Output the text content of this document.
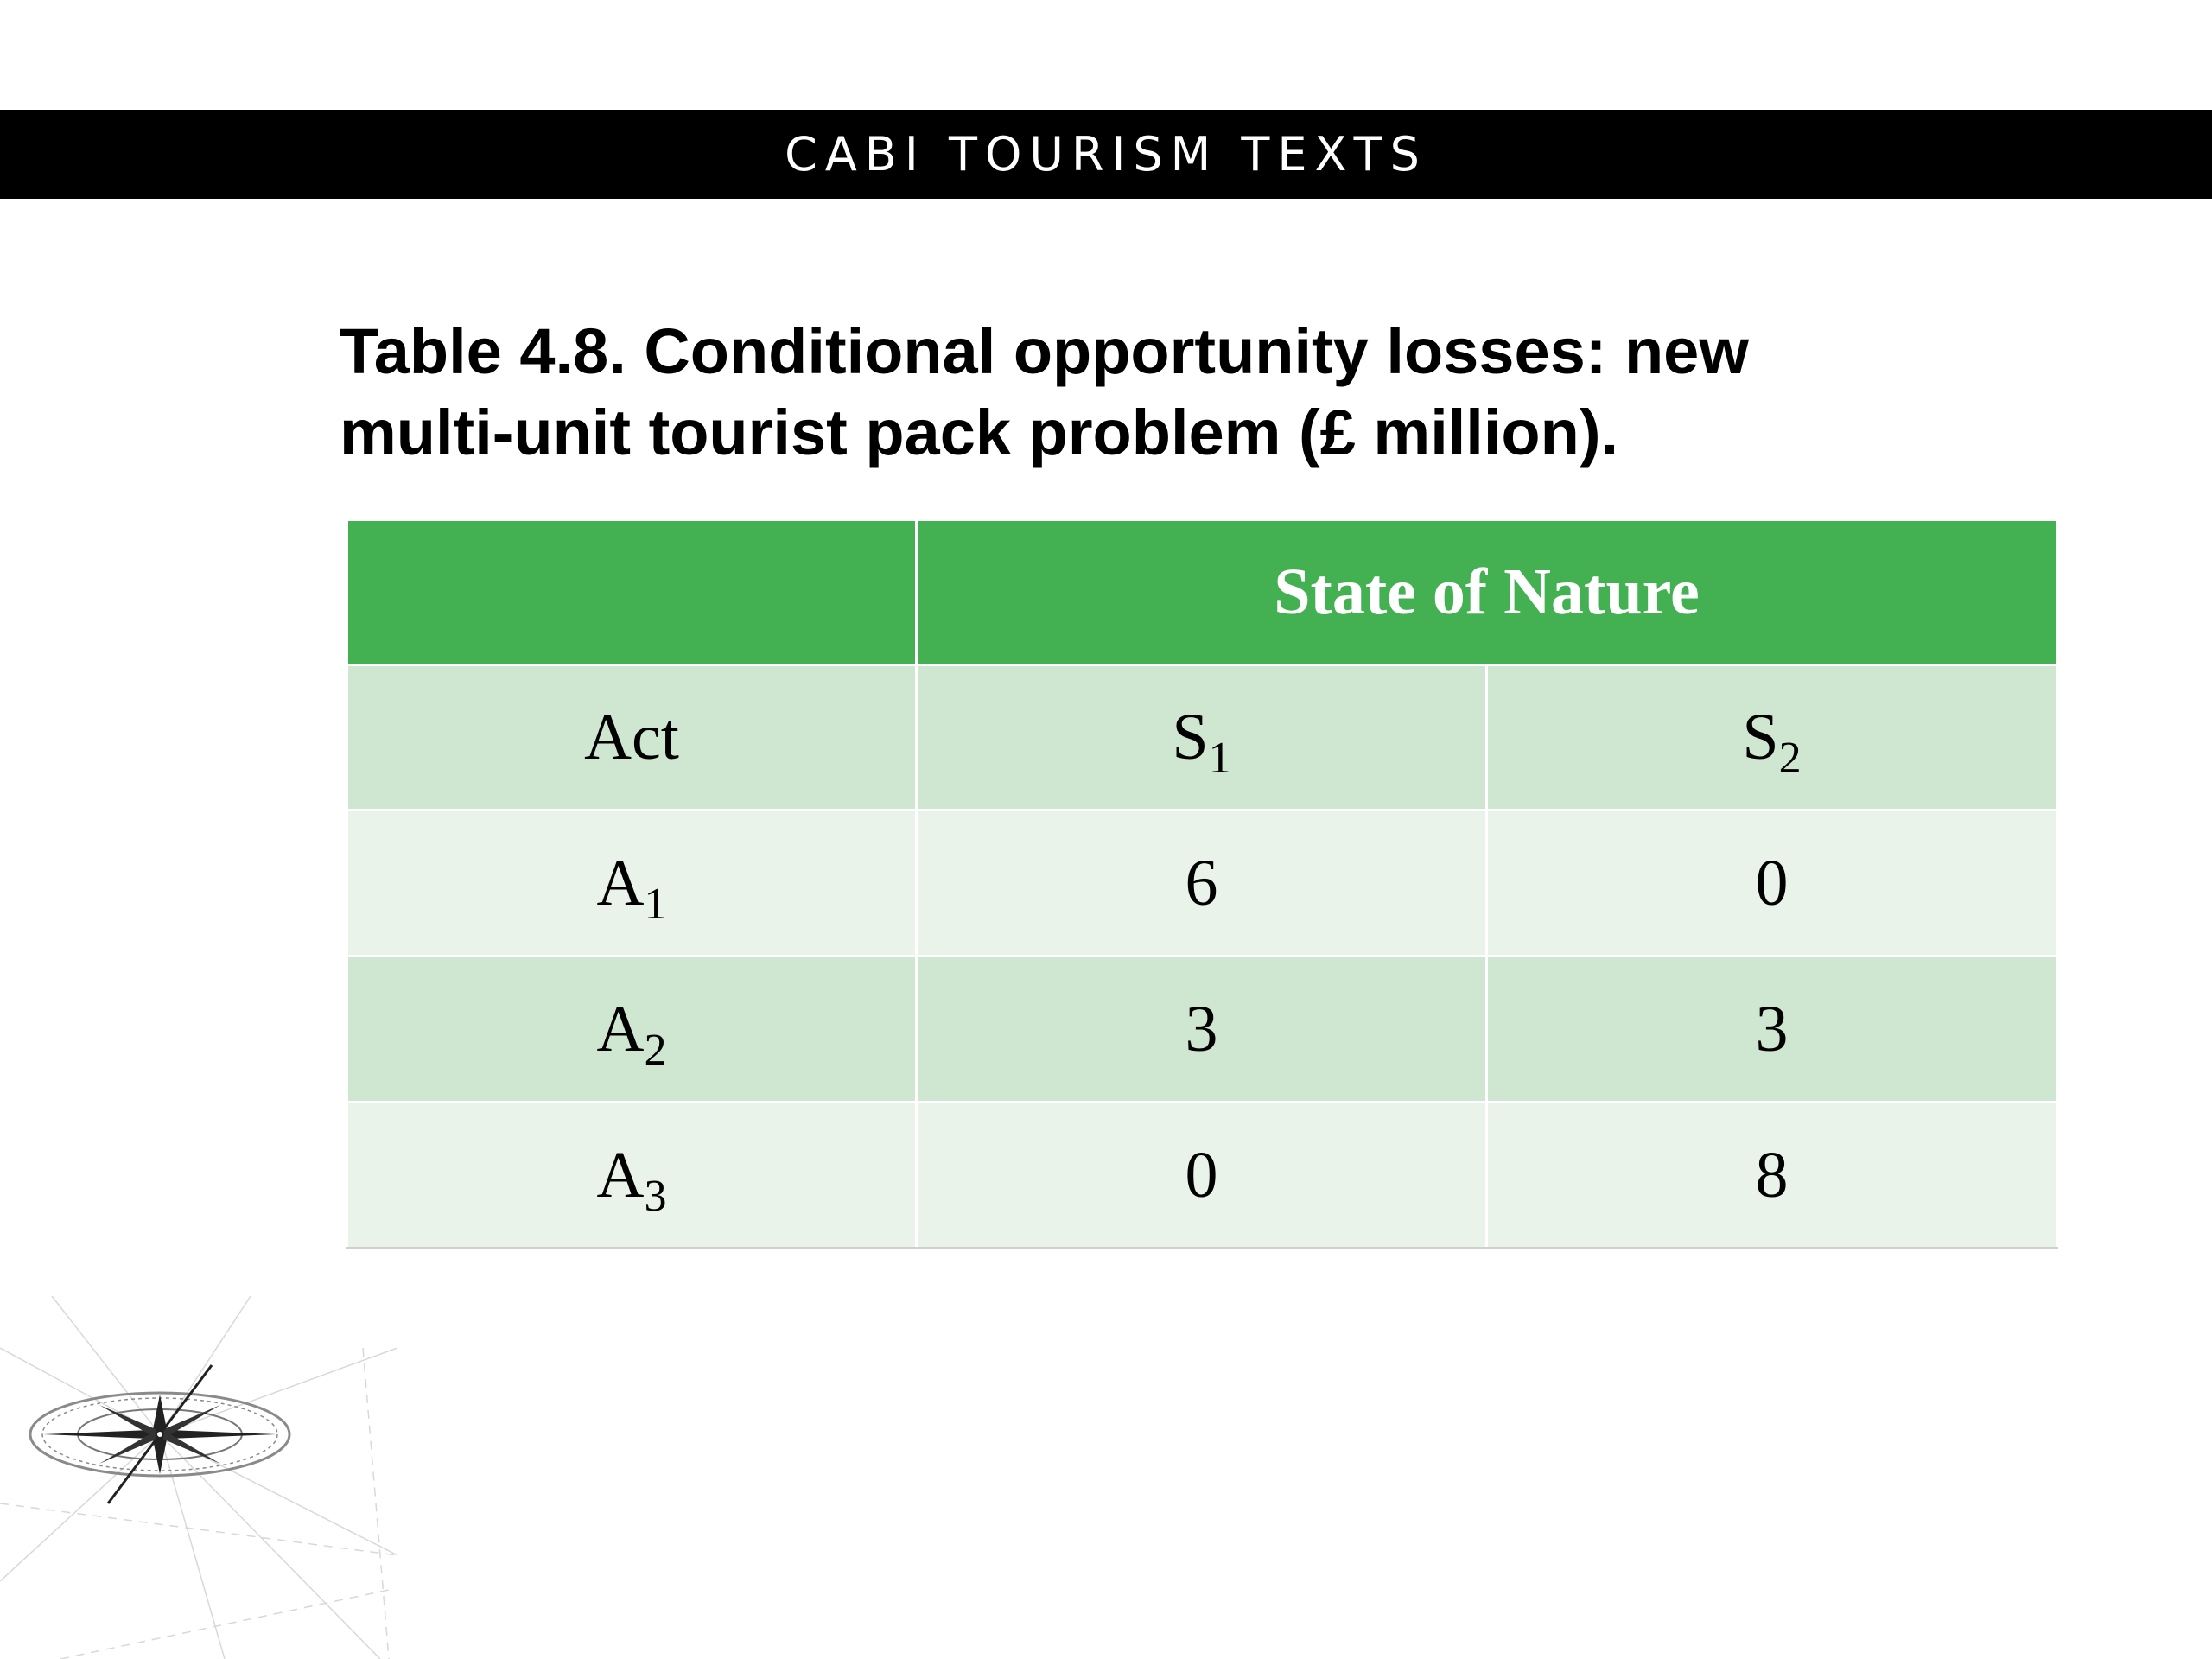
CABI TOURISM TEXTS
Table 4.8. Conditional opportunity losses: new
multi-unit tourist pack problem (£ million).
	State of Nature	
Act	$S_1$	$S_2$
$A_1$	6	0
$A_2$	3	3
$A_3$	0	8
